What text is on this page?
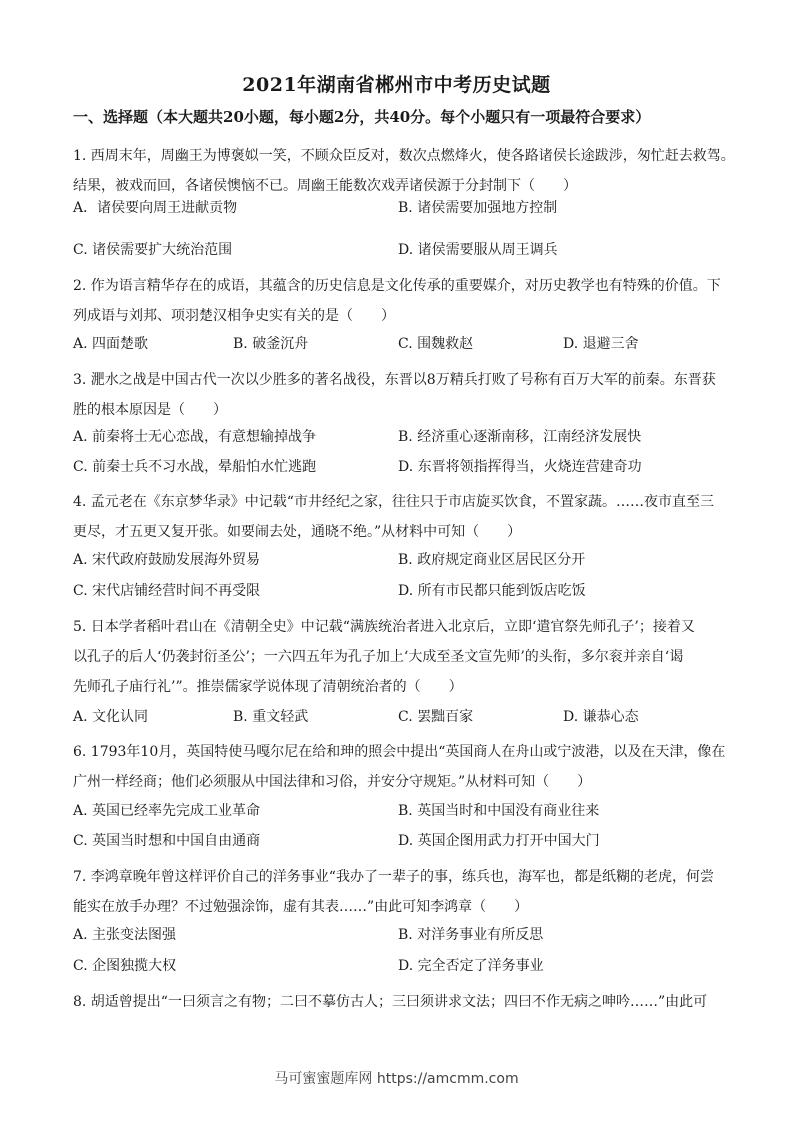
2021年湖南省郴州市中考历史试题
一、选择题（本大题共20小题，每小题2分，共40分。每个小题只有一项最符合要求）
1. 西周末年，周幽王为博褒姒一笑，不顾众臣反对，数次点燃烽火，使各路诸侯长途跋涉，匆忙赶去救驾。
结果，被戏而回，各诸侯懊恼不已。周幽王能数次戏弄诸侯源于分封制下（　　）
A．诸侯要向周王进献贡物	B. 诸侯需要加强地方控制
C. 诸侯需要扩大统治范围	D. 诸侯需要服从周王调兵
2. 作为语言精华存在的成语，其蕴含的历史信息是文化传承的重要媒介，对历史教学也有特殊的价值。下
列成语与刘邦、项羽楚汉相争史实有关的是（　　）
A. 四面楚歌	B. 破釜沉舟	C. 围魏救赵	D. 退避三舍
3. 淝水之战是中国古代一次以少胜多的著名战役，东晋以8万精兵打败了号称有百万大军的前秦。东晋获
胜的根本原因是（　　）
A. 前秦将士无心恋战，有意想输掉战争	B. 经济重心逐渐南移，江南经济发展快
C. 前秦士兵不习水战，晕船怕水忙逃跑	D. 东晋将领指挥得当，火烧连营建奇功
4. 孟元老在《东京梦华录》中记载“市井经纪之家，往往只于市店旋买饮食，不置家蔬。……夜市直至三
更尽，才五更又复开张。如要闹去处，通晓不绝。”从材料中可知（　　）
A. 宋代政府鼓励发展海外贸易	B. 政府规定商业区居民区分开
C. 宋代店铺经营时间不再受限	D. 所有市民都只能到饭店吃饭
5. 日本学者稻叶君山在《清朝全史》中记载“满族统治者进入北京后，立即‘遣官祭先师孔子’；接着又
以孔子的后人‘仍袭封衍圣公’；一六四五年为孔子加上‘大成至圣文宣先师’的头衔，多尔衮并亲自‘谒
先师孔子庙行礼’”。推崇儒家学说体现了清朝统治者的（　　）
A. 文化认同	B. 重文轻武	C. 罢黜百家	D. 谦恭心态
6. 1793年10月，英国特使马嘎尔尼在给和珅的照会中提出“英国商人在舟山或宁波港，以及在天津，像在
广州一样经商；他们必须服从中国法律和习俗，并安分守规矩。”从材料可知（　　）
A. 英国已经率先完成工业革命	B. 英国当时和中国没有商业往来
C. 英国当时想和中国自由通商	D. 英国企图用武力打开中国大门
7. 李鸿章晚年曾这样评价自己的洋务事业“我办了一辈子的事，练兵也，海军也，都是纸糊的老虎，何尝
能实在放手办理？不过勉强涂饰，虚有其表……”由此可知李鸿章（　　）
A. 主张变法图强	B. 对洋务事业有所反思
C. 企图独揽大权	D. 完全否定了洋务事业
8. 胡适曾提出“一曰须言之有物；二曰不摹仿古人；三曰须讲求文法；四曰不作无病之呻吟……”由此可
马可蜜蜜题库网 https://amcmm.com
